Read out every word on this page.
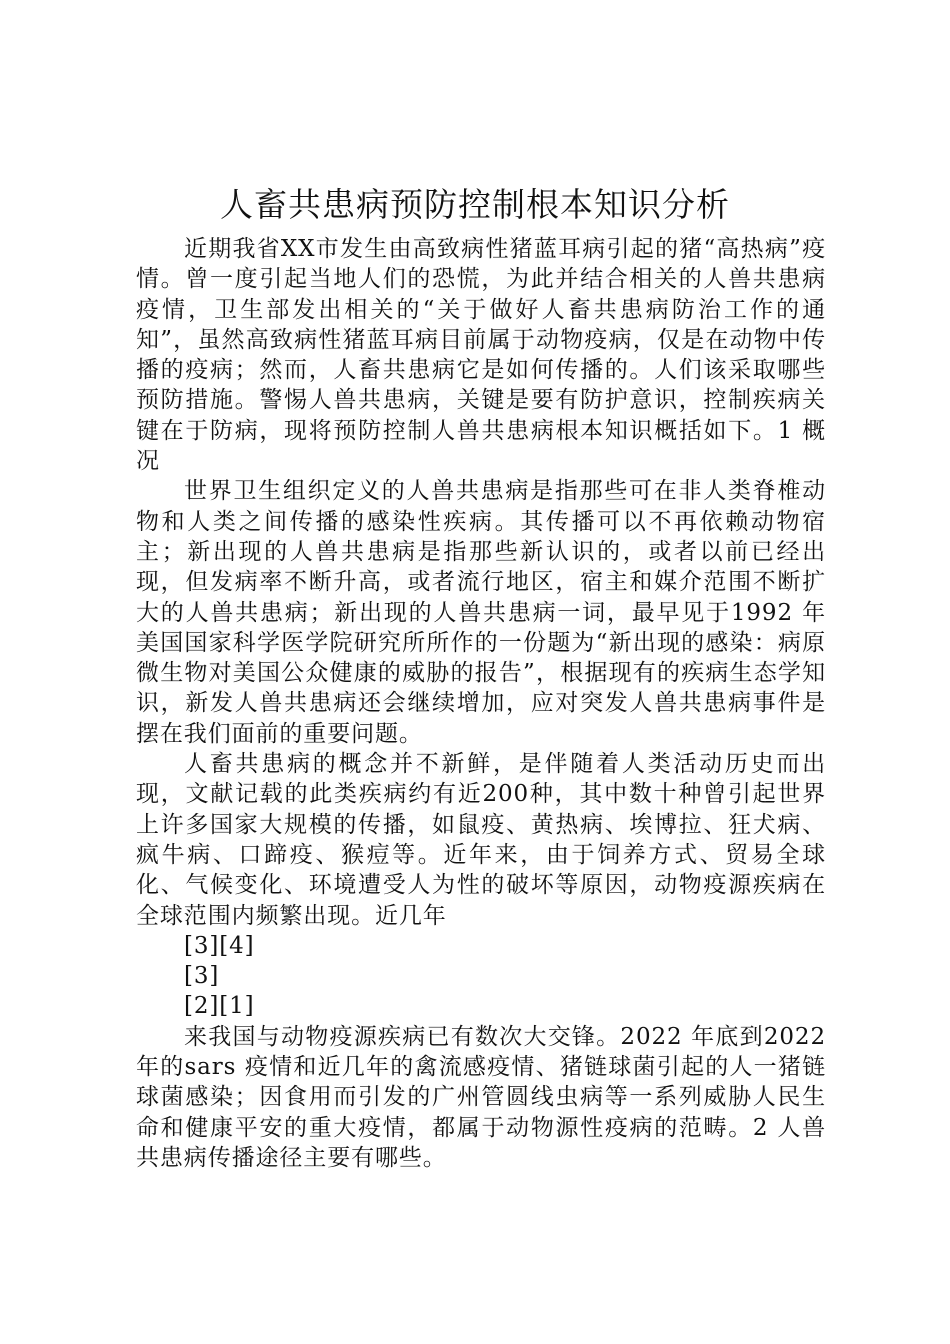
人畜共患病预防控制根本知识分析

近期我省XX市发生由高致病性猪蓝耳病引起的猪“高热病”疫情。曾一度引起当地人们的恐慌，为此并结合相关的人兽共患病疫情，卫生部发出相关的“关于做好人畜共患病防治工作的通知”，虽然高致病性猪蓝耳病目前属于动物疫病，仅是在动物中传播的疫病；然而，人畜共患病它是如何传播的。人们该采取哪些预防措施。警惕人兽共患病，关键是要有防护意识，控制疾病关键在于防病，现将预防控制人兽共患病根本知识概括如下。1 概况

世界卫生组织定义的人兽共患病是指那些可在非人类脊椎动物和人类之间传播的感染性疾病。其传播可以不再依赖动物宿主；新出现的人兽共患病是指那些新认识的，或者以前已经出现，但发病率不断升高，或者流行地区，宿主和媒介范围不断扩大的人兽共患病；新出现的人兽共患病一词，最早见于1992 年美国国家科学医学院研究所所作的一份题为“新出现的感染：病原微生物对美国公众健康的威胁的报告”，根据现有的疾病生态学知识，新发人兽共患病还会继续增加，应对突发人兽共患病事件是摆在我们面前的重要问题。

人畜共患病的概念并不新鲜，是伴随着人类活动历史而出现，文献记载的此类疾病约有近200种，其中数十种曾引起世界上许多国家大规模的传播，如鼠疫、黄热病、埃博拉、狂犬病、疯牛病、口蹄疫、猴痘等。近年来，由于饲养方式、贸易全球化、气候变化、环境遭受人为性的破坏等原因，动物疫源疾病在全球范围内频繁出现。近几年

[3][4]

[3]

[2][1]

来我国与动物疫源疾病已有数次大交锋。2022 年底到2022 年的sars 疫情和近几年的禽流感疫情、猪链球菌引起的人一猪链球菌感染；因食用而引发的广州管圆线虫病等一系列威胁人民生命和健康平安的重大疫情，都属于动物源性疫病的范畴。2 人兽共患病传播途径主要有哪些。
